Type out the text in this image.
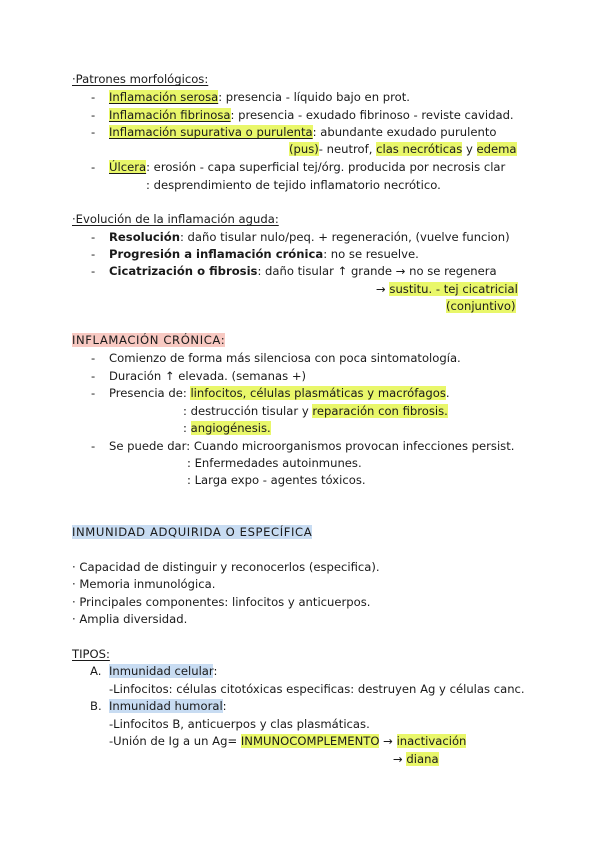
·Patrones morfológicos:
- Inflamación serosa: presencia - líquido bajo en prot.
- Inflamación fibrinosa: presencia - exudado fibrinoso - reviste cavidad.
- Inflamación supurativa o purulenta: abundante exudado purulento
(pus)- neutrof, clas necróticas y edema
- Úlcera: erosión - capa superficial tej/órg. producida por necrosis clar
: desprendimiento de tejido inflamatorio necrótico.
·Evolución de la inflamación aguda:
- Resolución: daño tisular nulo/peq. + regeneración, (vuelve funcion)
- Progresión a inflamación crónica: no se resuelve.
- Cicatrización o fibrosis: daño tisular ↑ grande → no se regenera
→ sustitu. - tej cicatricial
(conjuntivo)
INFLAMACIÓN CRÓNICA:
- Comienzo de forma más silenciosa con poca sintomatología.
- Duración ↑ elevada. (semanas +)
- Presencia de: linfocitos, células plasmáticas y macrófagos.
: destrucción tisular y reparación con fibrosis.
: angiogénesis.
- Se puede dar: Cuando microorganismos provocan infecciones persist.
: Enfermedades autoinmunes.
: Larga expo - agentes tóxicos.
INMUNIDAD ADQUIRIDA O ESPECÍFICA
· Capacidad de distinguir y reconocerlos (especifica).
· Memoria inmunológica.
· Principales componentes: linfocitos y anticuerpos.
· Amplia diversidad.
TIPOS:
A. Inmunidad celular:
-Linfocitos: células citotóxicas especificas: destruyen Ag y células canc.
B. Inmunidad humoral:
-Linfocitos B, anticuerpos y clas plasmáticas.
-Unión de Ig a un Ag= INMUNOCOMPLEMENTO → inactivación
→ diana
